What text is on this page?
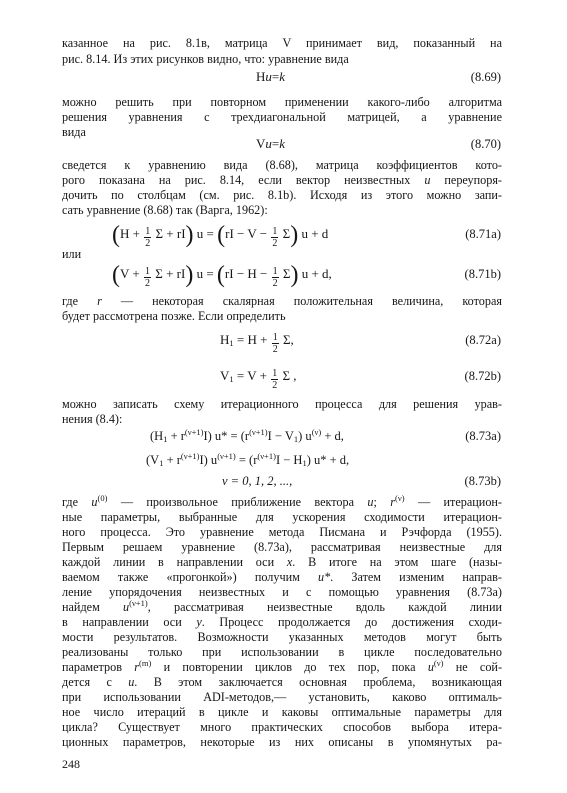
казанное на рис. 8.1в, матрица V принимает вид, показанный на
рис. 8.14. Из этих рисунков видно, что: уравнение вида
Hu=k	(8.69)
можно решить при повторном применении какого-либо алгоритма
решения уравнения с трехдиагональной матрицей, а уравнение
вида
Vu=k	(8.70)
сведется к уравнению вида (8.68), матрица коэффициентов кото-
рого показана на рис. 8.14, если вектор неизвестных u переупоря-
дочить по столбцам (см. рис. 8.1b). Исходя из этого можно запи-
сать уравнение (8.68) так (Варга, 1962):
($H + \frac{1}{2}$ Σ + rI) $u = (rI - V - \frac{1}{2} \Sigma)$ u + d	(8.71a)
или
($V + \frac{1}{2}$ Σ + rI) $u = (rI - H - \frac{1}{2} \Sigma)$ u + d,	(8.71b)
где r — некоторая скалярная положительная величина, которая
будет рассмотрена позже. Если определить
$H_1 = H + \frac{1}{2} \Sigma$,	(8.72a)
$V_1 = V + \frac{1}{2}$ Σ ,	(8.72b)
можно записать схему итерационного процесса для решения урав-
нения (8.4):
$(H_1 + r^{(\nu+1)}I) u* = (r^{(\nu+1)}I - V_1) u^{(\nu)} + d$,	(8.73a)
$(V_1 + r^{(\nu+1)}I) u^{(\nu+1)} = (r^{(\nu+1)}I - H_1) u* + d$,
ν = 0, 1, 2, ...,	(8.73b)
где $u^{(0)}$ — произвольное приближение вектора u; $r^{(\nu)}$ — итерацион-
ные параметры, выбранные для ускорения сходимости итерацион-
ного процесса. Это уравнение метода Писмана и Рэчфорда (1955).
Первым решаем уравнение (8.73a), рассматривая неизвестные для
каждой линии в направлении оси x. В итоге на этом шаге (назы-
ваемом также «прогонкой») получим u*. Затем изменим направ-
ление упорядочения неизвестных и с помощью уравнения (8.73a)
найдем $u^{(\nu+1)}$, рассматривая неизвестные вдоль каждой линии
в направлении оси y. Процесс продолжается до достижения сходи-
мости результатов. Возможности указанных методов могут быть
реализованы только при использовании в цикле последовательно
параметров $r^{(m)}$ и повторении циклов до тех пор, пока $u^{(\nu)}$ не сой-
дется с u. В этом заключается основная проблема, возникающая
при использовании ADI-методов,— установить, каково оптималь-
ное число итераций в цикле и каковы оптимальные параметры для
цикла? Существует много практических способов выбора итера-
ционных параметров, некоторые из них описаны в упомянутых ра-
248
